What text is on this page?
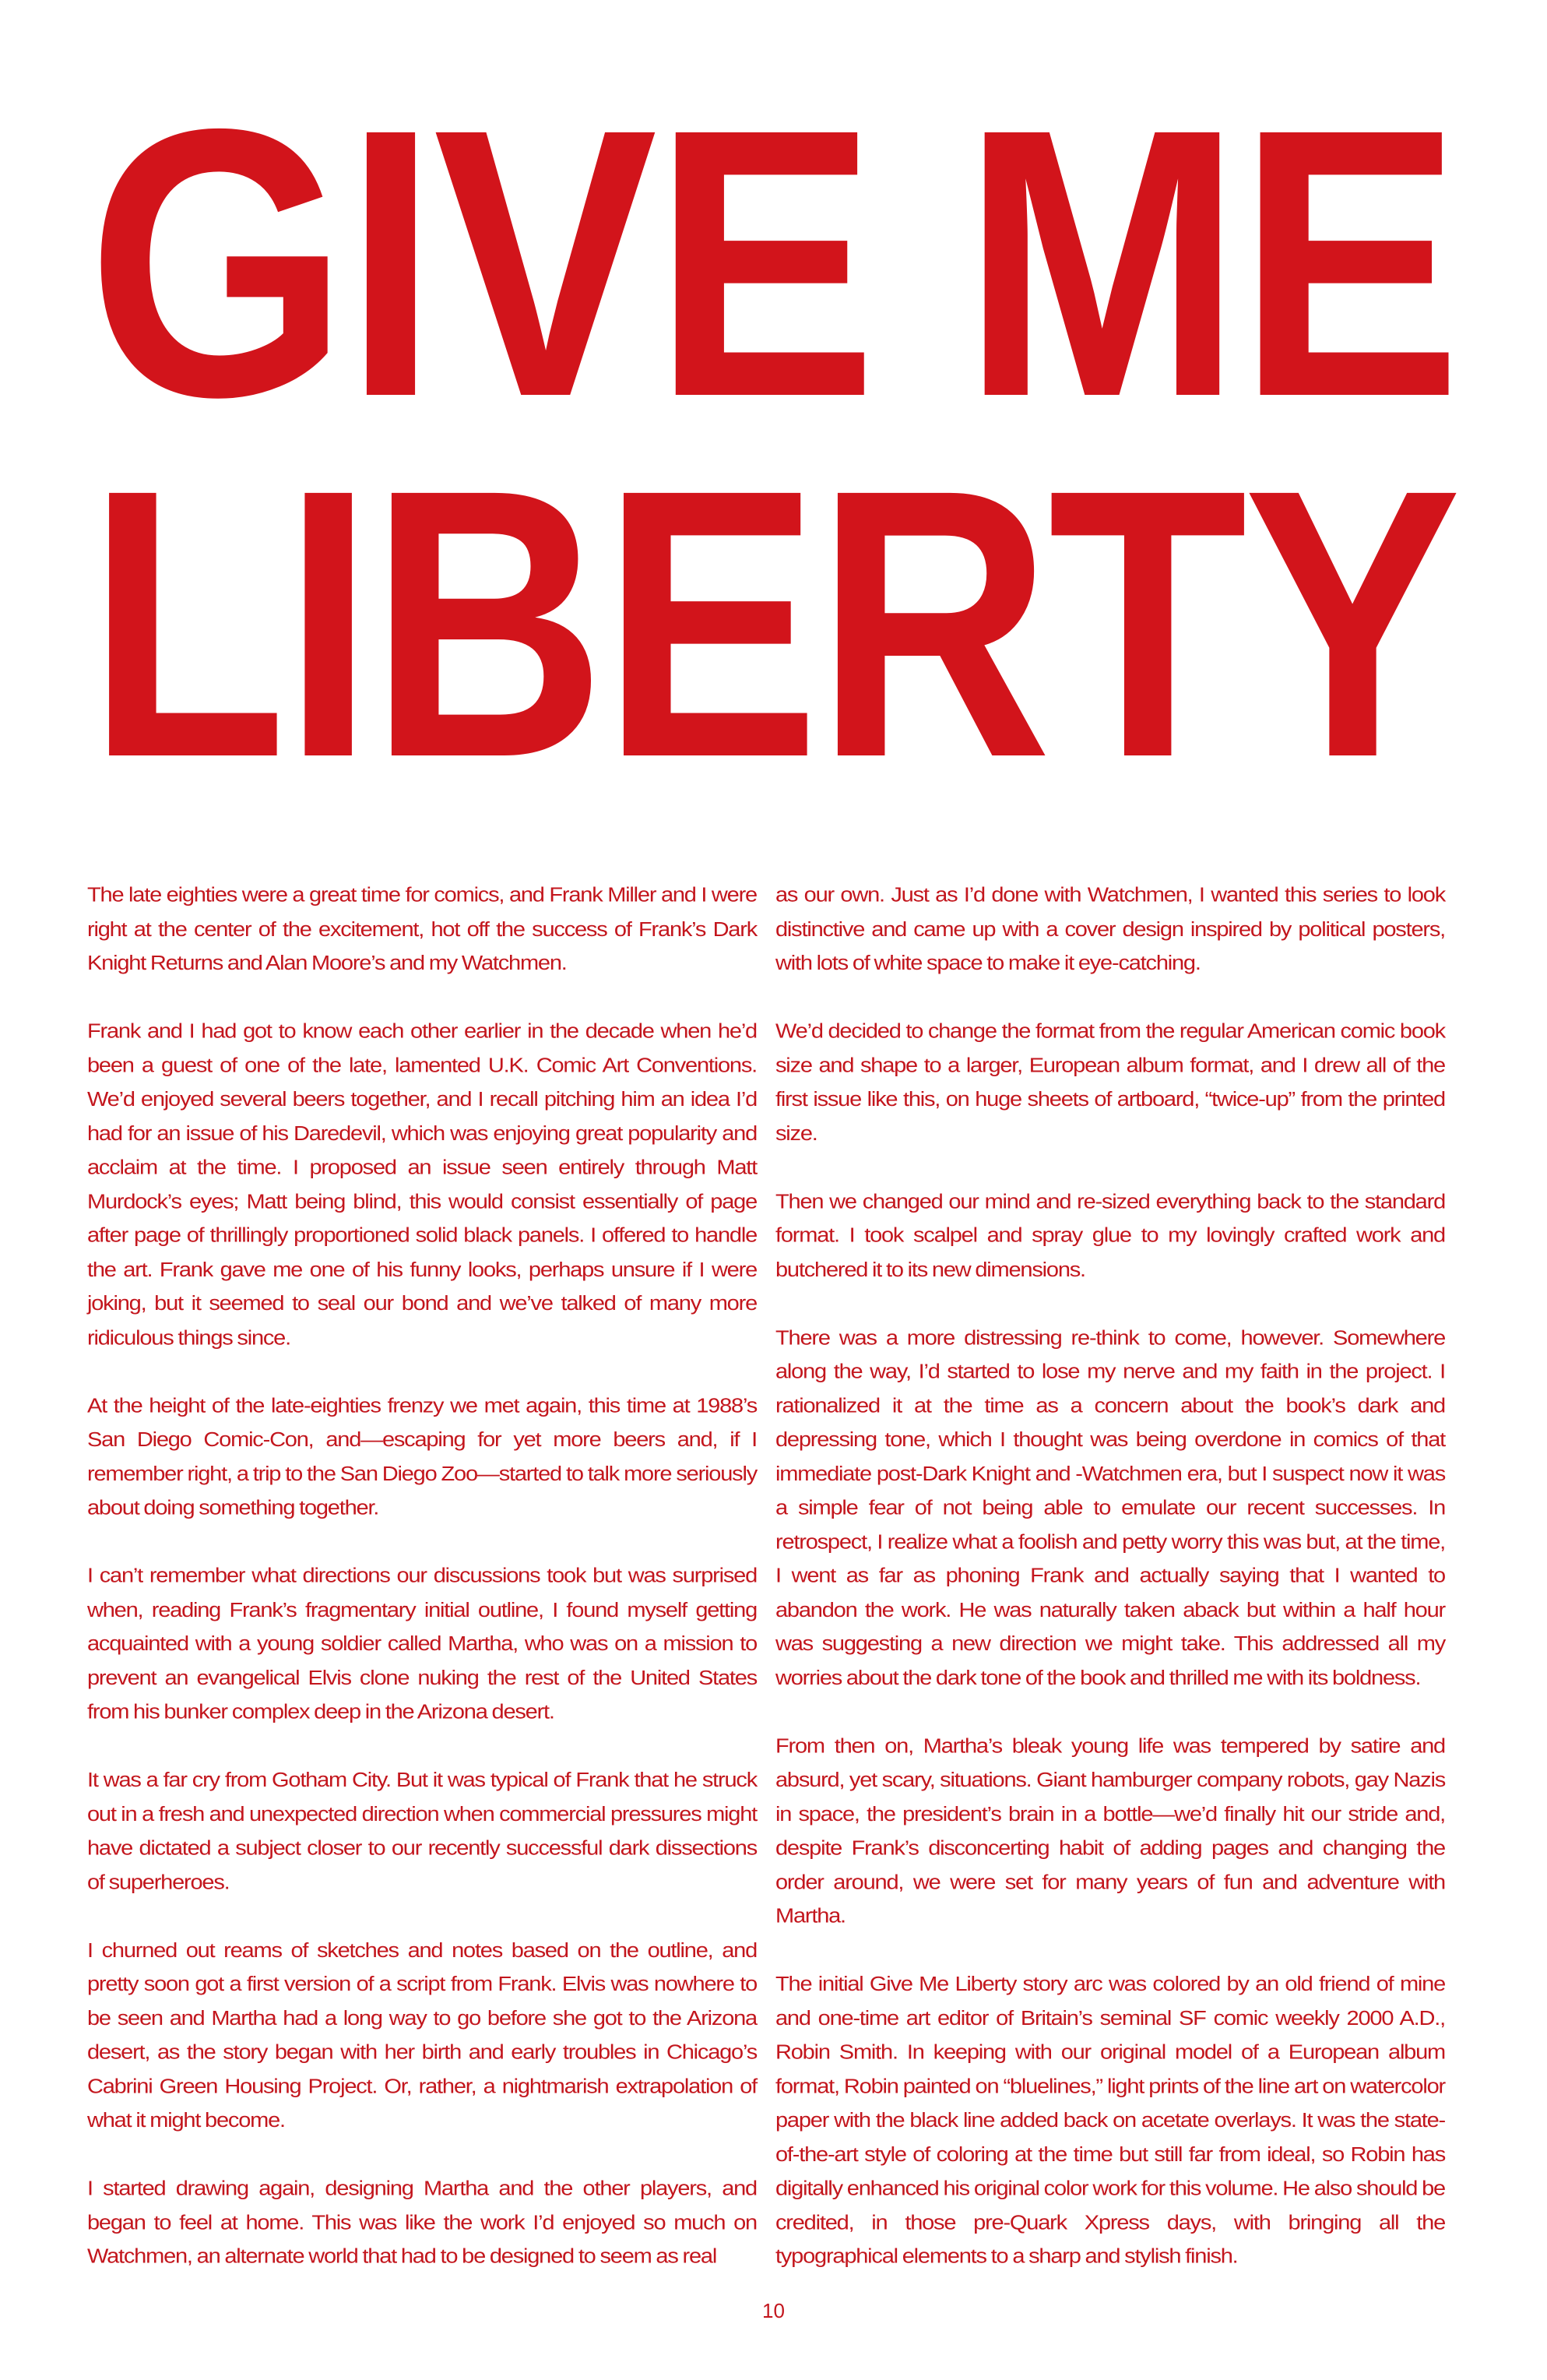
GIVE ME
LIBERTY

The late eighties were a great time for comics, and Frank Miller and I were right at the center of the excitement, hot off the success of Frank’s Dark Knight Returns and Alan Moore’s and my Watchmen.

Frank and I had got to know each other earlier in the decade when he’d been a guest of one of the late, lamented U.K. Comic Art Conventions. We’d enjoyed several beers together, and I recall pitching him an idea I’d had for an issue of his Daredevil, which was enjoying great popularity and acclaim at the time. I proposed an issue seen entirely through Matt Murdock’s eyes; Matt being blind, this would consist essentially of page after page of thrillingly proportioned solid black panels. I offered to handle the art. Frank gave me one of his funny looks, perhaps unsure if I were joking, but it seemed to seal our bond and we’ve talked of many more ridiculous things since.

At the height of the late-eighties frenzy we met again, this time at 1988’s San Diego Comic-Con, and—escaping for yet more beers and, if I remember right, a trip to the San Diego Zoo—started to talk more seriously about doing something together.

I can’t remember what directions our discussions took but was surprised when, reading Frank’s fragmentary initial outline, I found myself getting acquainted with a young soldier called Martha, who was on a mission to prevent an evangelical Elvis clone nuking the rest of the United States from his bunker complex deep in the Arizona desert.

It was a far cry from Gotham City. But it was typical of Frank that he struck out in a fresh and unexpected direction when commercial pressures might have dictated a subject closer to our recently successful dark dissections of superheroes.

I churned out reams of sketches and notes based on the outline, and pretty soon got a first version of a script from Frank. Elvis was nowhere to be seen and Martha had a long way to go before she got to the Arizona desert, as the story began with her birth and early troubles in Chicago’s Cabrini Green Housing Project. Or, rather, a nightmarish extrapolation of what it might become.

I started drawing again, designing Martha and the other players, and began to feel at home. This was like the work I’d enjoyed so much on Watchmen, an alternate world that had to be designed to seem as real

as our own. Just as I’d done with Watchmen, I wanted this series to look distinctive and came up with a cover design inspired by political posters, with lots of white space to make it eye-catching.

We’d decided to change the format from the regular American comic book size and shape to a larger, European album format, and I drew all of the first issue like this, on huge sheets of artboard, “twice-up” from the printed size.

Then we changed our mind and re-sized everything back to the standard format. I took scalpel and spray glue to my lovingly crafted work and butchered it to its new dimensions.

There was a more distressing re-think to come, however. Somewhere along the way, I’d started to lose my nerve and my faith in the project. I rationalized it at the time as a concern about the book’s dark and depressing tone, which I thought was being overdone in comics of that immediate post-Dark Knight and -Watchmen era, but I suspect now it was a simple fear of not being able to emulate our recent successes. In retrospect, I realize what a foolish and petty worry this was but, at the time, I went as far as phoning Frank and actually saying that I wanted to abandon the work. He was naturally taken aback but within a half hour was suggesting a new direction we might take. This addressed all my worries about the dark tone of the book and thrilled me with its boldness.

From then on, Martha’s bleak young life was tempered by satire and absurd, yet scary, situations. Giant hamburger company robots, gay Nazis in space, the president’s brain in a bottle—we’d finally hit our stride and, despite Frank’s disconcerting habit of adding pages and changing the order around, we were set for many years of fun and adventure with Martha.

The initial Give Me Liberty story arc was colored by an old friend of mine and one-time art editor of Britain’s seminal SF comic weekly 2000 A.D., Robin Smith. In keeping with our original model of a European album format, Robin painted on “bluelines,” light prints of the line art on watercolor paper with the black line added back on acetate overlays. It was the state-of-the-art style of coloring at the time but still far from ideal, so Robin has digitally enhanced his original color work for this volume. He also should be credited, in those pre-Quark Xpress days, with bringing all the typographical elements to a sharp and stylish finish.

10
